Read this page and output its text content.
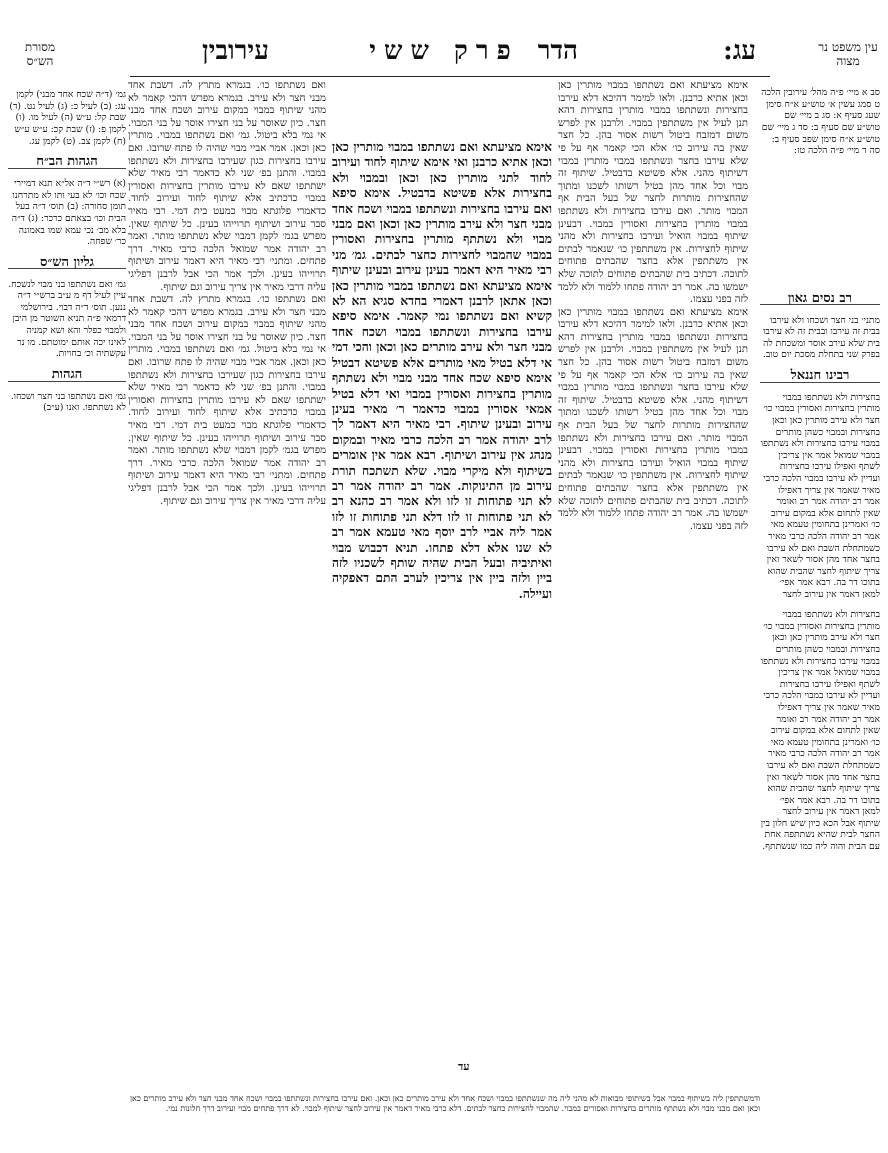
עין משפט נר מצוה
עג:
הדר
עירובין
מסורת הש״ס	פרק ששי

סב א מיי׳ פ״ה מהל׳ עירובין הלכה ט סמג עשין א׳ טוש״ע א״ח סימן שעג סעיף א: סג ב מיי׳ שם טוש״ע שם סעיף ב: סד ג מיי׳ שם טוש״ע א״ח סימן שפב סעיף ב: סה ד מיי׳ פ״ה הלכה טז:

רב נסים גאון

מתני׳ בני חצר ושכחו ולא עירבו בבית זה עירבו ובבית זה לא עירבו בית שלא עירב אוסר ומשכחת לה בפרק שני בתחלת מסכת יום טוב.

רבינו חננאל

בחצירות ולא נשתתפו במבוי מותרין בחצירות ואסורין במבוי כו׳ חצר ולא עירב מותרין כאן וכאן בחצירות ובמבוי כשהן מותרים במבוי עירבו בחצירות ולא נשתתפו במבוי שמואל אמר אין צריכין לשתף ואפילו עירבו בחצירות ועדיין לא עירבו במבוי הלכה כרבי מאיר שאמר אין צריך דאפילו אמר רב יהודה אמר רב ואומר שאין לתחום אלא במקום עירוב כו׳ ואמרינן בתחומין טעמא מאי אמר רב יהודה הלכה כרבי מאיר כשמתחלת השבת ואם לא עירבו בחצר אחד מהן אסור לשאר ואין צריך שיתוף לחצר שהבית שהוא בתוכו דר בה. רבא אמר אפי׳ למאן דאמר אין עירוב לחצר

בחצירות ולא נשתתפו במבוי מותרין בחצירות ואסורין במבוי כו׳ חצר ולא עירב מותרין כאן וכאן בחצירות ובמבוי כשהן מותרים במבוי עירבו בחצירות ולא נשתתפו במבוי שמואל אמר אין צריכין לשתף ואפילו עירבו בחצירות ועדיין לא עירבו במבוי הלכה כרבי מאיר שאמר אין צריך דאפילו אמר רב יהודה אמר רב ואומר שאין לתחום אלא במקום עירוב כו׳ ואמרינן בתחומין טעמא מאי אמר רב יהודה הלכה כרבי מאיר כשמתחלת השבת ואם לא עירבו בחצר אחד מהן אסור לשאר ואין צריך שיתוף לחצר שהבית שהוא בתוכו דר בה. רבא אמר אפי׳ למאן דאמר אין עירוב לחצר שיתוף אבל הכא כיון שיש חלון בין החצר לבית שהיא נשתתפה אחת עם הבית והוה ליה כמו שנשתתף.

אימא מציעתא ואם נשתתפו במבוי מותרין כאן וכאן אתיא כרבנן. ולאו למימר דהיכא דלא עירבו בחצירות ונשתתפו במבוי מותרין בחצירות דהא תנן לעיל אין משתתפין במבוי. ולרבנן אין לפרש משום דמזבח ביטול רשות אסור בהן. כל חצר שאין בה עירוב כו׳ אלא הכי קאמר אף על פי שלא עירבו בחצר ונשתתפו במבוי מותרין במבוי דשיתוף מהני. אלא פשיטא בדבטיל. שיתוף זה מבוי וכל אחד מהן בטיל רשותו לשכנו ומתוך שהחצירות מותרות לחצר של בעל הבית אף המבוי מותר. ואם עירבו בחצירות ולא נשתתפו במבוי מותרין בחצירות ואסורין במבוי. דבעינן שיתוף במבוי הואיל ועירבו בחצירות ולא מהני שיתוף לחצירות. אין משתתפין כו׳ שנאמר לבתים אין משתתפין אלא בחצר שהבתים פתוחים לתוכה. דכתיב בית שהבתים פתוחים לתוכה שלא ישמשו בה. אמר רב יהודה פתחו ללמוד ולא ללמד לזה בפני עצמו.

אימא מציעתא ואם נשתתפו במבוי מותרין כאן וכאן אתיא כרבנן. ולאו למימר דהיכא דלא עירבו בחצירות ונשתתפו במבוי מותרין בחצירות דהא תנן לעיל אין משתתפין במבוי. ולרבנן אין לפרש משום דמזבח ביטול רשות אסור בהן. כל חצר שאין בה עירוב כו׳ אלא הכי קאמר אף על פי שלא עירבו בחצר ונשתתפו במבוי מותרין במבוי דשיתוף מהני. אלא פשיטא בדבטיל. שיתוף זה מבוי וכל אחד מהן בטיל רשותו לשכנו ומתוך שהחצירות מותרות לחצר של בעל הבית אף המבוי מותר. ואם עירבו בחצירות ולא נשתתפו במבוי מותרין בחצירות ואסורין במבוי. דבעינן שיתוף במבוי הואיל ועירבו בחצירות ולא מהני שיתוף לחצירות. אין משתתפין כו׳ שנאמר לבתים אין משתתפין אלא בחצר שהבתים פתוחים לתוכה. דכתיב בית שהבתים פתוחים לתוכה שלא ישמשו בה. אמר רב יהודה פתחו ללמוד ולא ללמד לזה בפני עצמו.

אימא מציעתא ואם נשתתפו במבוי מותרין כאן וכאן אתיא כרבנן ואי אימא שיתוף לחוד ועירוב לחוד לתני מותרין כאן וכאן ובמבוי ולא בחצירות אלא פשיטא בדבטיל. אימא סיפא ואם עירבו בחצירות ונשתתפו במבוי ושכח אחד מבני חצר ולא עירב מותרין כאן וכאן ואם מבני מבוי ולא נשתתף מותרין בחצירות ואסורין במבוי שהמבוי לחצירות כחצר לבתים. גמ׳ מני רבי מאיר היא דאמר בעינן עירוב ובעינן שיתוף אימא מציעתא ואם נשתתפו במבוי מותרין כאן וכאן אתאן לרבנן דאמרי בחדא סגיא הא לא קשיא ואם נשתתפו נמי קאמר. אימא סיפא עירבו בחצירות ונשתתפו במבוי ושכח אחד מבני חצר ולא עירב מותרים כאן וכאן והכי דמי אי דלא בטיל מאי מותרים אלא פשיטא דבטיל אימא סיפא שכח אחד מבני מבוי ולא נשתתף מותרין בחצירות ואסורין במבוי ואי דלא בטיל אמאי אסורין במבוי כדאמר ר׳ מאיר בעינן עירוב ובעינן שיתוף. רבי מאיר היא דאמר לך לרב יהודה אמר רב הלכה כרבי מאיר ובמקום מנהג אין עירוב ושיתוף. רבא אמר אין אומרים בשיתוף ולא מיקרי מבוי. שלא תשתכח תורת עירוב מן התינוקות. אמר רב יהודה אמר רב לא תני פתוחות זו לזו ולא אמר רב כהנא רב לא תני פתוחות זו לזו דלא תני פתוחות זו לזו אמר ליה אביי לרב יוסף מאי טעמא אמר רב לא שנו אלא דלא פתחו. תניא דכבוש מבוי ואיתיביה ובעל הבית שהיה שותף לשכניו לזה ביין ולזה ביין אין צריכין לערב התם דאפקיה ועיילה.

ואם נשתתפו כו׳. בגמרא מתרץ לה. דשבת אחד מבני חצר ולא עירב. בגמרא מפרש דהכי קאמר לא מהני שיתוף במבוי במקום עירוב ושכח אחד מבני חצר. כיון שאוסר על בני חצירו אוסר על בני המבוי. אי נמי בלא ביטול. גמ׳ ואם נשתתפו במבוי. מותרין כאן וכאן. אמר אביי מבוי שהיה לו פתח שרובו. ואם עירבו בחצירות כגון שעירבו בחצירות ולא נשתתפו במבוי. והתנן בפ׳ שני לא כדאמר רבי מאיר שלא ישתתפו שאם לא עירבו מותרין בחצירות ואסורין במבוי כדכתיב אלא שיתוף לחוד ועירוב לחוד. כדאמרי פלוגתא מבוי כמעט בית דמי. רבי מאיר סבר עירוב ושיתוף תרוייהו בעינן. כל שיתוף שאין. מפרש בגמ׳ לקמן דמבוי שלא נשתתפו מותר. ואמר רב יהודה אמר שמואל הלכה כרבי מאיר. דרך פתחים. ומתני׳ רבי מאיר היא דאמר עירוב ושיתוף תרוייהו בעינן. ולכך אמר הכי אבל לרבנן דפליגי עליה דרבי מאיר אין צריך עירוב וגם שיתוף.

ואם נשתתפו כו׳. בגמרא מתרץ לה. דשבת אחד מבני חצר ולא עירב. בגמרא מפרש דהכי קאמר לא מהני שיתוף במבוי במקום עירוב ושכח אחד מבני חצר. כיון שאוסר על בני חצירו אוסר על בני המבוי. אי נמי בלא ביטול. גמ׳ ואם נשתתפו במבוי. מותרין כאן וכאן. אמר אביי מבוי שהיה לו פתח שרובו. ואם עירבו בחצירות כגון שעירבו בחצירות ולא נשתתפו במבוי. והתנן בפ׳ שני לא כדאמר רבי מאיר שלא ישתתפו שאם לא עירבו מותרין בחצירות ואסורין במבוי כדכתיב אלא שיתוף לחוד ועירוב לחוד. כדאמרי פלוגתא מבוי כמעט בית דמי. רבי מאיר סבר עירוב ושיתוף תרוייהו בעינן. כל שיתוף שאין. מפרש בגמ׳ לקמן דמבוי שלא נשתתפו מותר. ואמר רב יהודה אמר שמואל הלכה כרבי מאיר. דרך פתחים. ומתני׳ רבי מאיר היא דאמר עירוב ושיתוף תרוייהו בעינן. ולכך אמר הכי אבל לרבנן דפליגי עליה דרבי מאיר אין צריך עירוב וגם שיתוף.

גמ׳ (ד״ה שכח אחד מבני) לקמן עג: (ב) לעיל כ: (ג) לעיל נט. (ד) שבת קל: ע״ש (ה) לעיל מו. (ו) לקמן פ: (ז) שבת קכ: ע״ש ע״ש (ח) לקמן צב. (ט) לקמן עג.

הגהות הב״ח

(א) רש״י ד״ה אל״א תנא דמיירי שכח וכו׳ לא בעי ותו לא מתרחנו תומן סחורה: (ב) תוס׳ ד״ה בעל הבית וכו׳ בצאתם כרכר: (ג) ד״ה בלא מב׳ נכי עמא שמו באמונה כר׳ שפחה.

גליון הש״ס

גמ׳ ואם נשתתפו בני מבוי לנשכח. עיין לעיל דף מ ע״ב ברש״י ד״ה ננען. תוס׳ ד״ה דבוי. בירושלמי דרמאי פ״ה תניא השוטר מן היבן ולמבוי כפלר והא ושא קמניה לאינו יכה אותם ימוטתם. מו נר עקשתיה וכ׳ בחויות.

הגהות

גמ׳ ואם נשתתפו בני חצר ושכחו. לא נשתתפו. ואנו (ע״ב)

ודמשתתפין ליה בשיתוף במבוי אבל בשיתופי מבואות לא מהני ליה מה שנשתתפו במבוי ושכח אחד ולא עירב מותרים כאן וכאן. ואם עירבו בחצירות ונשתתפו במבוי ושכח אחד מבני חצר ולא עירב מותרים כאן וכאן ואם מבני מבוי ולא נשתתף מותרים בחצירות ואסורים במבוי. שהמבוי לחצירות כחצר לבתים. דלא כרבי מאיר דאמר אין עירוב לחצר שיתוף למבוי. לא דרך פתחים מבוי ועירוב דרך חלונות נמי.

עד
